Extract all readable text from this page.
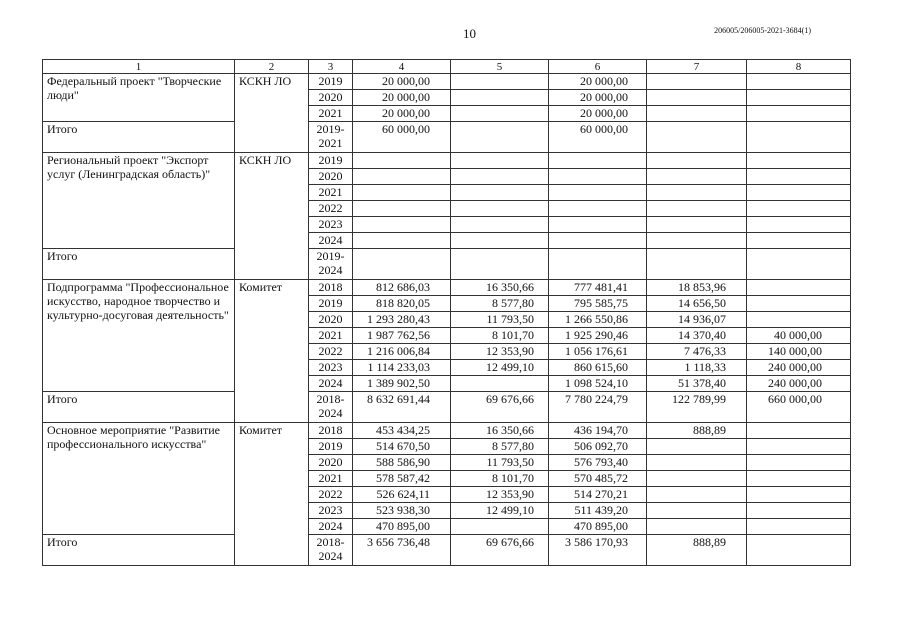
10	206005/206005-2021-3684(1)
1	2	3	4	5	6	7	8
Федеральный проект "Творческие люди"	КСКН ЛО	2019	20 000,00		20 000,00		
		2020	20 000,00		20 000,00		
		2021	20 000,00		20 000,00		
Итого		2019-2021	60 000,00		60 000,00		
Региональный проект "Экспорт услуг (Ленинградская область)"	КСКН ЛО	2019					
		2020					
		2021					
		2022					
		2023					
		2024					
Итого		2019-2024					
Подпрограмма "Профессиональное искусство, народное творчество и культурно-досуговая деятельность"	Комитет	2018	812 686,03	16 350,66	777 481,41	18 853,96	
		2019	818 820,05	8 577,80	795 585,75	14 656,50	
		2020	1 293 280,43	11 793,50	1 266 550,86	14 936,07	
		2021	1 987 762,56	8 101,70	1 925 290,46	14 370,40	40 000,00
		2022	1 216 006,84	12 353,90	1 056 176,61	7 476,33	140 000,00
		2023	1 114 233,03	12 499,10	860 615,60	1 118,33	240 000,00
		2024	1 389 902,50		1 098 524,10	51 378,40	240 000,00
Итого		2018-2024	8 632 691,44	69 676,66	7 780 224,79	122 789,99	660 000,00
Основное мероприятие "Развитие профессионального искусства"	Комитет	2018	453 434,25	16 350,66	436 194,70	888,89	
		2019	514 670,50	8 577,80	506 092,70		
		2020	588 586,90	11 793,50	576 793,40		
		2021	578 587,42	8 101,70	570 485,72		
		2022	526 624,11	12 353,90	514 270,21		
		2023	523 938,30	12 499,10	511 439,20		
		2024	470 895,00		470 895,00		
Итого		2018-2024	3 656 736,48	69 676,66	3 586 170,93	888,89	
